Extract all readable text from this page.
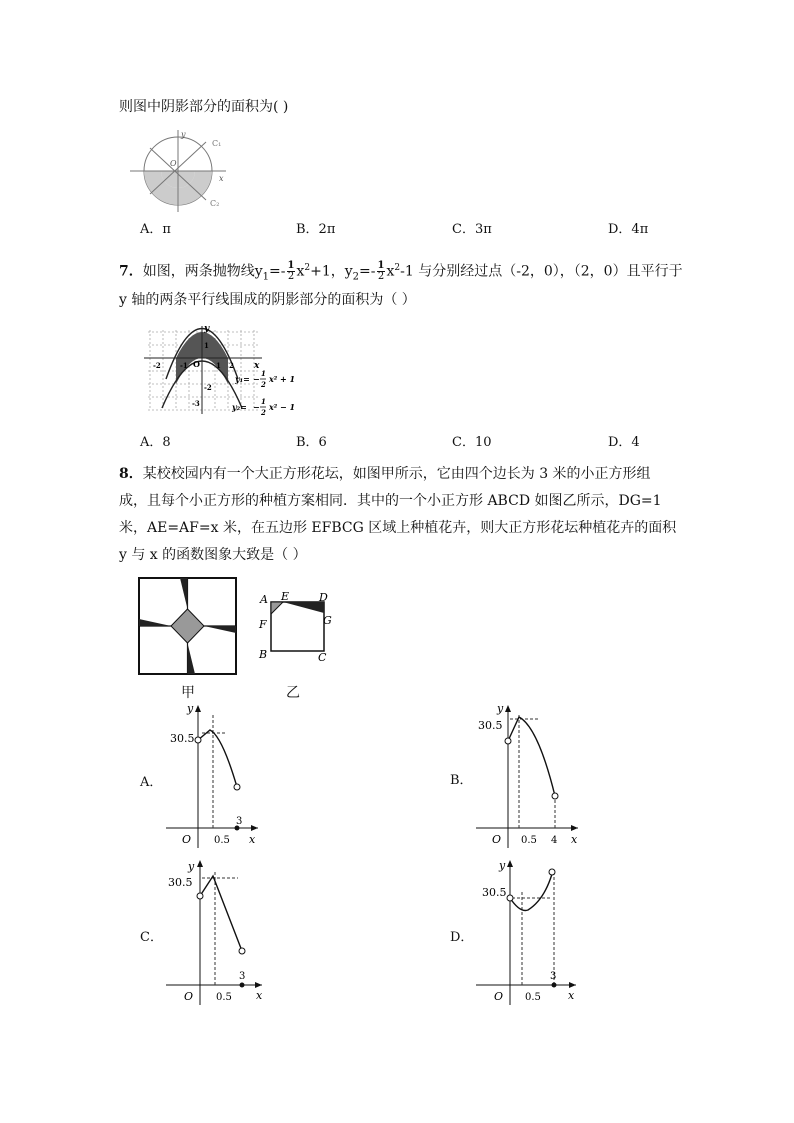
则图中阴影部分的面积为( )
y
x
O
C₁
C₂
A．π	B．2π	C．3π	D．4π
7．如图，两条抛物线$y_1=- \frac{1}{2} x^2+1$，$y_2=- \frac{1}{2} x^2-1$ 与分别经过点（-2，0），（2，0）且平行于
y 轴的两条平行线围成的阴影部分的面积为（ ）
y
x
O
-2	-1	1 2
1
-2
-3
y₁= −
1
2
x² + 1
y₂= −
1
2
x² − 1
A．8	B．6	C．10	D．4
8．某校校园内有一个大正方形花坛，如图甲所示，它由四个边长为 3 米的小正方形组
成，且每个小正方形的种植方案相同．其中的一个小正方形 ABCD 如图乙所示，DG=1
米，AE=AF=x 米，在五边形 EFBCG 区域上种植花卉，则大正方形花坛种植花卉的面积
y 与 x 的函数图象大致是（ ）
甲
A E	D
F	G
B	C
乙
A．
y
x
O
30.5
0.5
3
B．
y
x
O
30.5
0.5 4
C．
y
x
O
30.5
0.5
3
D．
y
x
O
30.5
0.5
3
